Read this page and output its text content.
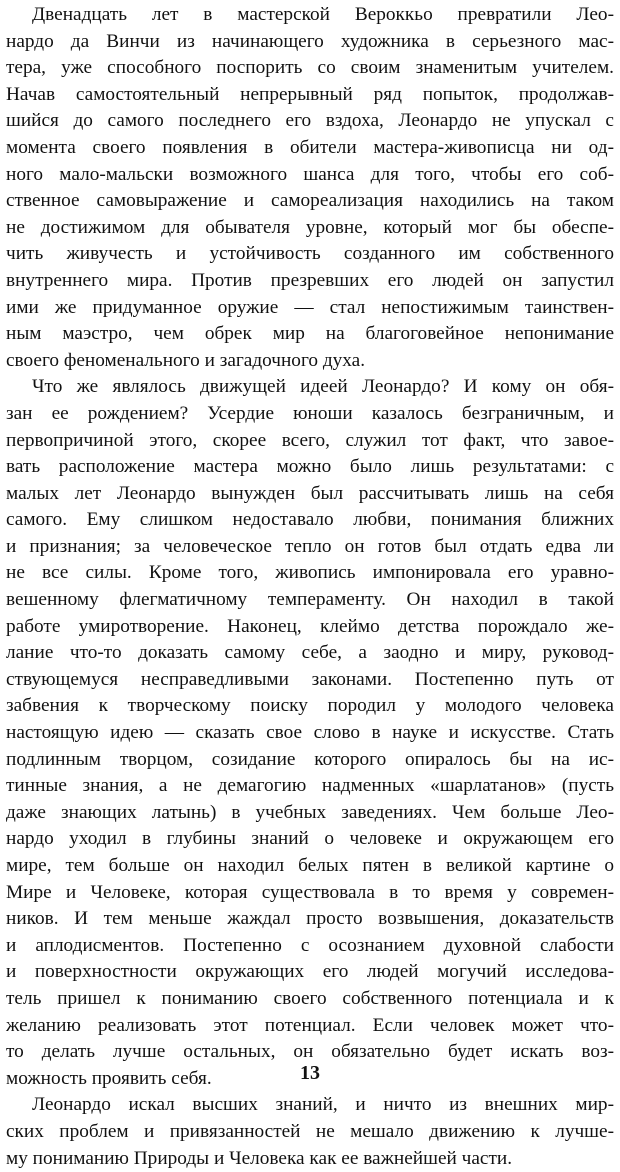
Двенадцать лет в мастерской Вероккьо превратили Лео-
нардо да Винчи из начинающего художника в серьезного мас-
тера, уже способного поспорить со своим знаменитым учителем.
Начав самостоятельный непрерывный ряд попыток, продолжав-
шийся до самого последнего его вздоха, Леонардо не упускал с
момента своего появления в обители мастера-живописца ни од-
ного мало-мальски возможного шанса для того, чтобы его соб-
ственное самовыражение и самореализация находились на таком
не достижимом для обывателя уровне, который мог бы обеспе-
чить живучесть и устойчивость созданного им собственного
внутреннего мира. Против презревших его людей он запустил
ими же придуманное оружие — стал непостижимым таинствен-
ным маэстро, чем обрек мир на благоговейное непонимание
своего феноменального и загадочного духа.
Что же являлось движущей идеей Леонардо? И кому он обя-
зан ее рождением? Усердие юноши казалось безграничным, и
первопричиной этого, скорее всего, служил тот факт, что завое-
вать расположение мастера можно было лишь результатами: с
малых лет Леонардо вынужден был рассчитывать лишь на себя
самого. Ему слишком недоставало любви, понимания ближних
и признания; за человеческое тепло он готов был отдать едва ли
не все силы. Кроме того, живопись импонировала его уравно-
вешенному флегматичному темпераменту. Он находил в такой
работе умиротворение. Наконец, клеймо детства порождало же-
лание что-то доказать самому себе, а заодно и миру, руковод-
ствующемуся несправедливыми законами. Постепенно путь от
забвения к творческому поиску породил у молодого человека
настоящую идею — сказать свое слово в науке и искусстве. Стать
подлинным творцом, созидание которого опиралось бы на ис-
тинные знания, а не демагогию надменных «шарлатанов» (пусть
даже знающих латынь) в учебных заведениях. Чем больше Лео-
нардо уходил в глубины знаний о человеке и окружающем его
мире, тем больше он находил белых пятен в великой картине о
Мире и Человеке, которая существовала в то время у современ-
ников. И тем меньше жаждал просто возвышения, доказательств
и аплодисментов. Постепенно с осознанием духовной слабости
и поверхностности окружающих его людей могучий исследова-
тель пришел к пониманию своего собственного потенциала и к
желанию реализовать этот потенциал. Если человек может что-
то делать лучше остальных, он обязательно будет искать воз-
можность проявить себя.
Леонардо искал высших знаний, и ничто из внешних мир-
ских проблем и привязанностей не мешало движению к лучше-
му пониманию Природы и Человека как ее важнейшей части.
13
